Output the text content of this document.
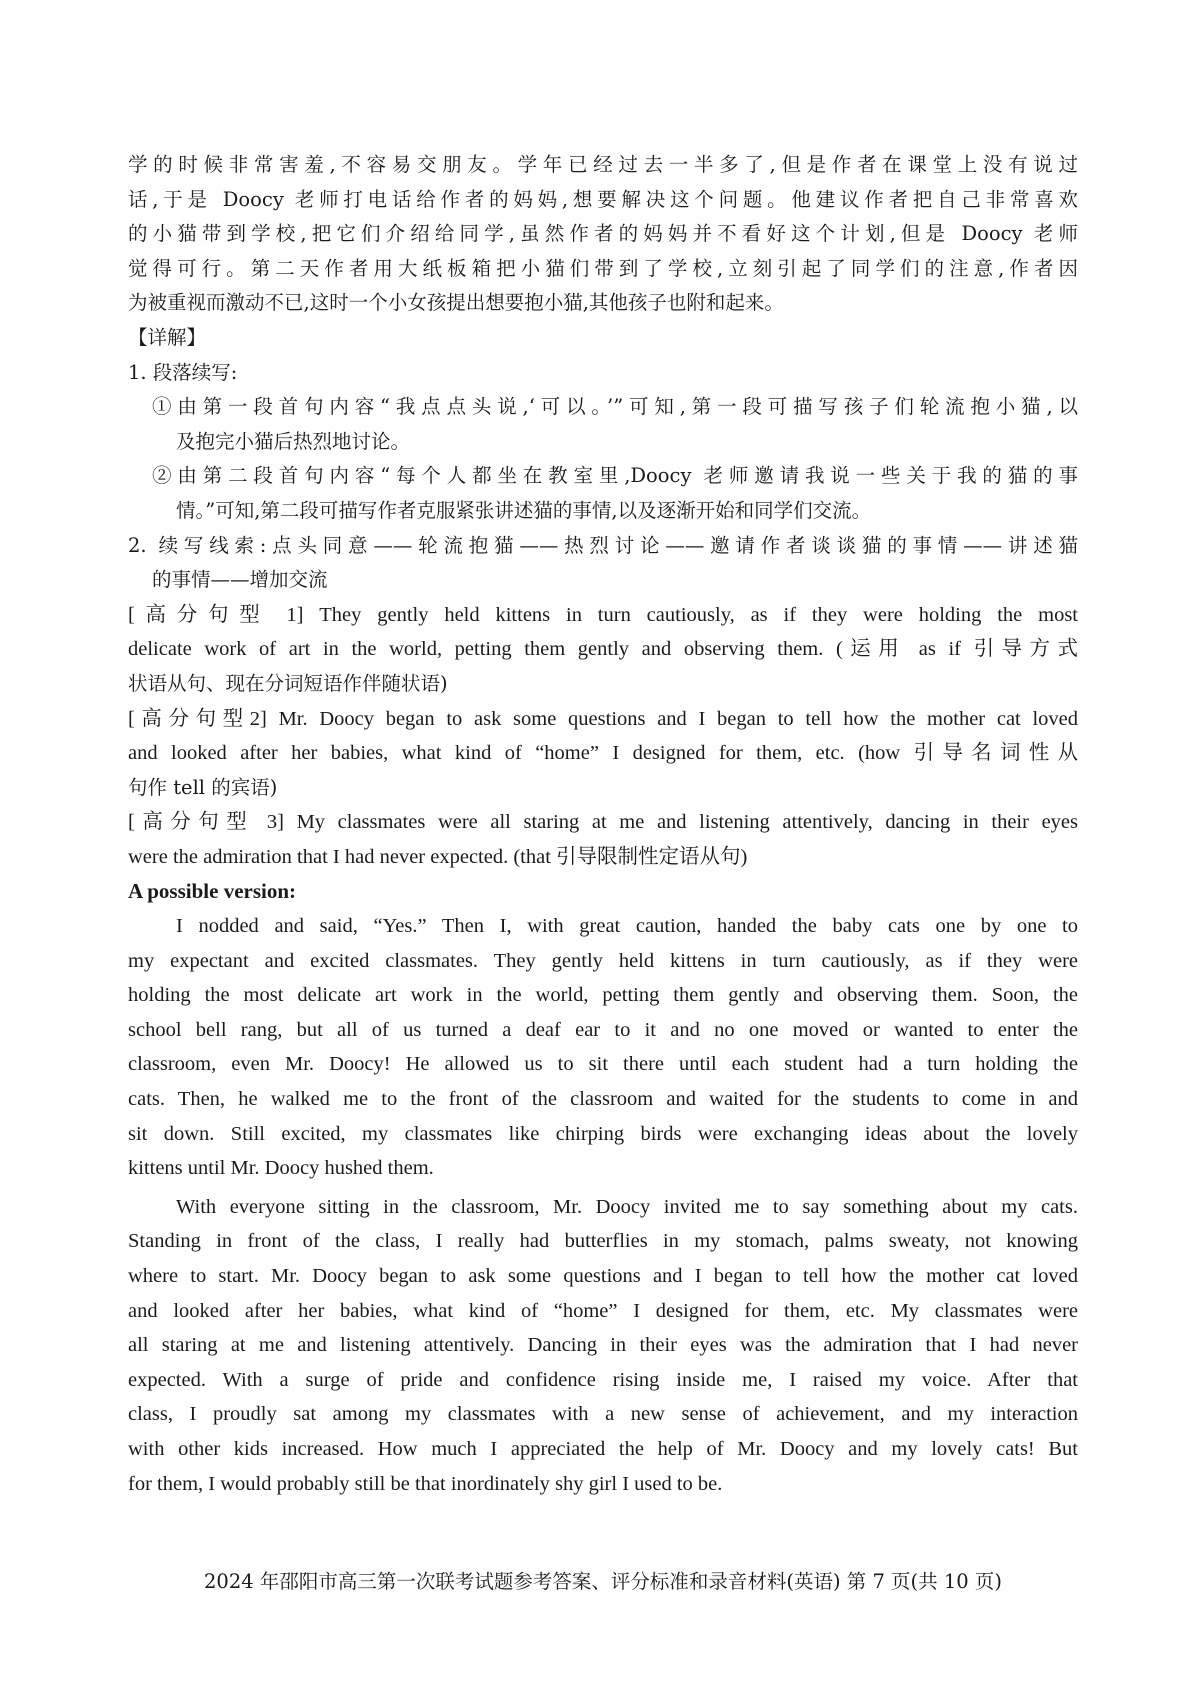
学的时候非常害羞,不容易交朋友。学年已经过去一半多了,但是作者在课堂上没有说过
话,于是 Doocy 老师打电话给作者的妈妈,想要解决这个问题。他建议作者把自己非常喜欢
的小猫带到学校,把它们介绍给同学,虽然作者的妈妈并不看好这个计划,但是 Doocy 老师
觉得可行。第二天作者用大纸板箱把小猫们带到了学校,立刻引起了同学们的注意,作者因
为被重视而激动不已,这时一个小女孩提出想要抱小猫,其他孩子也附和起来。
【详解】
1. 段落续写:
①由第一段首句内容“我点点头说,‘可以。’”可知,第一段可描写孩子们轮流抱小猫,以
及抱完小猫后热烈地讨论。
②由第二段首句内容“每个人都坐在教室里,Doocy 老师邀请我说一些关于我的猫的事
情。”可知,第二段可描写作者克服紧张讲述猫的事情,以及逐渐开始和同学们交流。
2. 续写线索:点头同意——轮流抱猫——热烈讨论——邀请作者谈谈猫的事情——讲述猫
的事情——增加交流
[高分句型 1] They gently held kittens in turn cautiously, as if they were holding the most
delicate work of art in the world, petting them gently and observing them. (运用 as if 引导方式
状语从句、现在分词短语作伴随状语)
[高分句型2] Mr. Doocy began to ask some questions and I began to tell how the mother cat loved
and looked after her babies, what kind of “home” I designed for them, etc. (how 引导名词性从
句作 tell 的宾语)
[高分句型 3] My classmates were all staring at me and listening attentively, dancing in their eyes
were the admiration that I had never expected. (that 引导限制性定语从句)
A possible version:
I nodded and said, “Yes.” Then I, with great caution, handed the baby cats one by one to
my expectant and excited classmates. They gently held kittens in turn cautiously, as if they were
holding the most delicate art work in the world, petting them gently and observing them. Soon, the
school bell rang, but all of us turned a deaf ear to it and no one moved or wanted to enter the
classroom, even Mr. Doocy! He allowed us to sit there until each student had a turn holding the
cats. Then, he walked me to the front of the classroom and waited for the students to come in and
sit down. Still excited, my classmates like chirping birds were exchanging ideas about the lovely
kittens until Mr. Doocy hushed them.
With everyone sitting in the classroom, Mr. Doocy invited me to say something about my cats.
Standing in front of the class, I really had butterflies in my stomach, palms sweaty, not knowing
where to start. Mr. Doocy began to ask some questions and I began to tell how the mother cat loved
and looked after her babies, what kind of “home” I designed for them, etc. My classmates were
all staring at me and listening attentively. Dancing in their eyes was the admiration that I had never
expected. With a surge of pride and confidence rising inside me, I raised my voice. After that
class, I proudly sat among my classmates with a new sense of achievement, and my interaction
with other kids increased. How much I appreciated the help of Mr. Doocy and my lovely cats! But
for them, I would probably still be that inordinately shy girl I used to be.
2024 年邵阳市高三第一次联考试题参考答案、评分标准和录音材料(英语) 第 7 页(共 10 页)
